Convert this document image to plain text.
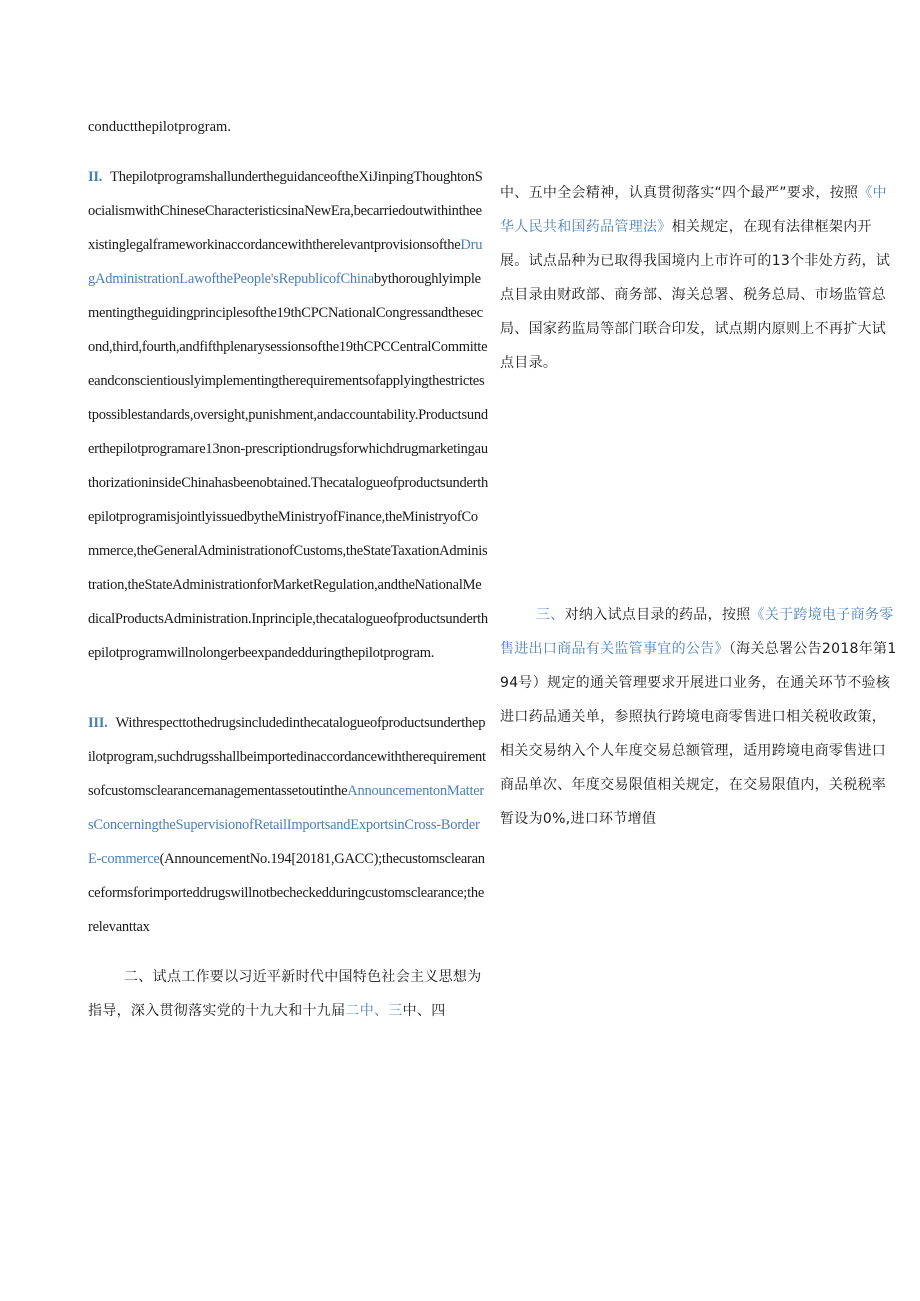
conductthepilotprogram.

II. ThepilotprogramshallundertheguidanceoftheXiJinpingThoughtonSocialismwithChineseCharacteristicsinaNewEra,becarriedoutwithintheexistinglegalframeworkinaccordancewiththerelevantprovisionsoftheDrugAdministrationLawofthePeople'sRepublicofChinabythoroughlyimplementingtheguidingprinciplesofthe19thCPCNationalCongressandthesecond,third,fourth,andfifthplenarysessionsofthe19thCPCCentralCommitteeandconscientiouslyimplementingtherequirementsofapplyingthestrictestpossiblestandards,oversight,punishment,andaccountability.Productsunderthepilotprogramare13non-prescriptiondrugsforwhichdrugmarketingauthorizationinsideChinahasbeenobtained.ThecatalogueofproductsunderthepilotprogramisjointlyissuedbytheMinistryofFinance,theMinistryofCommerce,theGeneralAdministrationofCustoms,theStateTaxationAdministration,theStateAdministrationforMarketRegulation,andtheNationalMedicalProductsAdministration.Inprinciple,thecatalogueofproductsunderthepilotprogramwillnolongerbeexpandedduringthepilotprogram.

III. Withrespecttothedrugsincludedinthecatalogueofproductsunderthepilotprogram,suchdrugsshallbeimportedinaccordancewiththerequirementsofcustomsclearancemanagementassetoutintheAnnouncementonMattersConcerningtheSupervisionofRetailImportsandExportsinCross-BorderE-commerce(AnnouncementNo.194[20181,GACC);thecustomsclearanceformsforimporteddrugswillnotbecheckedduringcustomsclearance;therelevanttax

二、试点工作要以习近平新时代中国特色社会主义思想为指导，深入贯彻落实党的十九大和十九届二中、三中、四

中、五中全会精神，认真贯彻落实“四个最严”要求，按照《中华人民共和国药品管理法》相关规定，在现有法律框架内开展。试点品种为已取得我国境内上市许可的13个非处方药，试点目录由财政部、商务部、海关总署、税务总局、市场监管总局、国家药监局等部门联合印发，试点期内原则上不再扩大试点目录。

三、对纳入试点目录的药品，按照《关于跨境电子商务零售进出口商品有关监管事宜的公告》（海关总署公告2018年第194号）规定的通关管理要求开展进口业务，在通关环节不验核进口药品通关单，参照执行跨境电商零售进口相关税收政策，相关交易纳入个人年度交易总额管理，适用跨境电商零售进口商品单次、年度交易限值相关规定，在交易限值内，关税税率暂设为0%,进口环节增值
